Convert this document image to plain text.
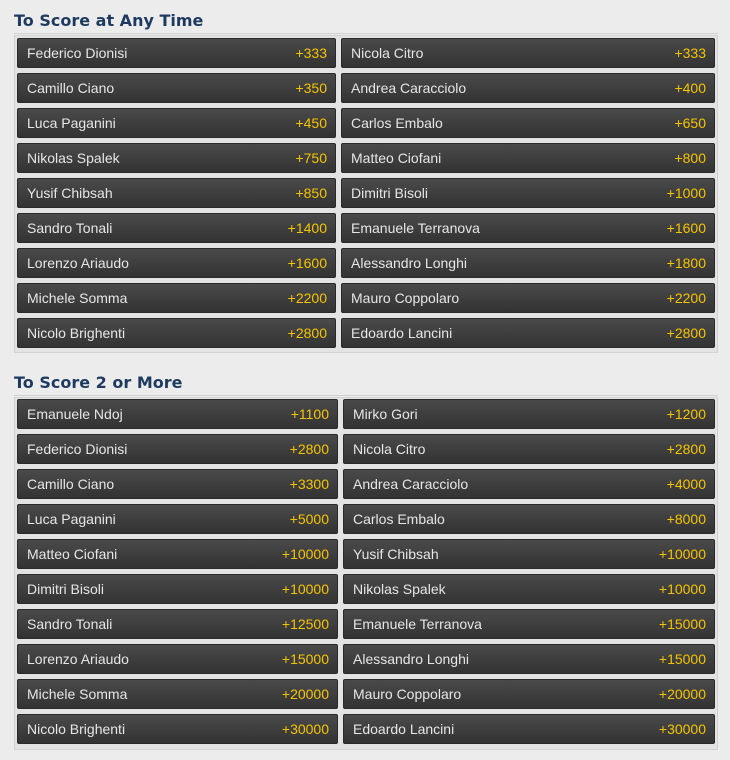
To Score at Any Time
Federico Dionisi	+333 Nicola Citro	+333
Camillo Ciano	+350 Andrea Caracciolo	+400
Luca Paganini	+450 Carlos Embalo	+650
Nikolas Spalek	+750 Matteo Ciofani	+800
Yusif Chibsah	+850 Dimitri Bisoli	+1000
Sandro Tonali	+1400 Emanuele Terranova	+1600
Lorenzo Ariaudo	+1600 Alessandro Longhi	+1800
Michele Somma	+2200 Mauro Coppolaro	+2200
Nicolo Brighenti	+2800 Edoardo Lancini	+2800
To Score 2 or More
Emanuele Ndoj	+1100 Mirko Gori	+1200
Federico Dionisi	+2800 Nicola Citro	+2800
Camillo Ciano	+3300 Andrea Caracciolo	+4000
Luca Paganini	+5000 Carlos Embalo	+8000
Matteo Ciofani	+10000 Yusif Chibsah	+10000
Dimitri Bisoli	+10000 Nikolas Spalek	+10000
Sandro Tonali	+12500 Emanuele Terranova	+15000
Lorenzo Ariaudo	+15000 Alessandro Longhi	+15000
Michele Somma	+20000 Mauro Coppolaro	+20000
Nicolo Brighenti	+30000 Edoardo Lancini	+30000
